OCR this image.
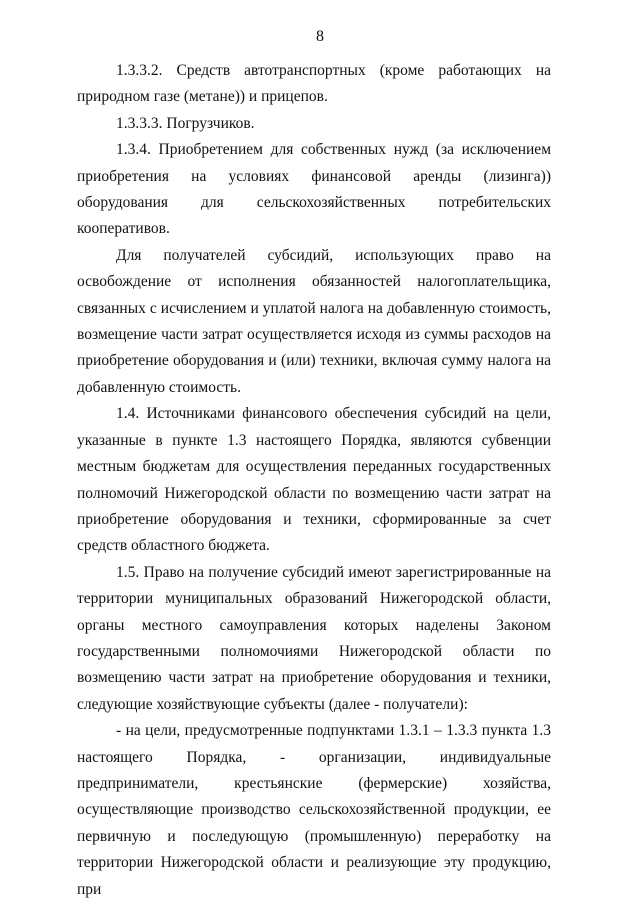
8

1.3.3.2. Средств автотранспортных (кроме работающих на природном газе (метане)) и прицепов.

1.3.3.3. Погрузчиков.

1.3.4. Приобретением для собственных нужд (за исключением приобретения на условиях финансовой аренды (лизинга)) оборудования для сельскохозяйственных потребительских кооперативов.

Для получателей субсидий, использующих право на освобождение от исполнения обязанностей налогоплательщика, связанных с исчислением и уплатой налога на добавленную стоимость, возмещение части затрат осуществляется исходя из суммы расходов на приобретение оборудования и (или) техники, включая сумму налога на добавленную стоимость.

1.4. Источниками финансового обеспечения субсидий на цели, указанные в пункте 1.3 настоящего Порядка, являются субвенции местным бюджетам для осуществления переданных государственных полномочий Нижегородской области по возмещению части затрат на приобретение оборудования и техники, сформированные за счет средств областного бюджета.

1.5. Право на получение субсидий имеют зарегистрированные на территории муниципальных образований Нижегородской области, органы местного самоуправления которых наделены Законом государственными полномочиями Нижегородской области по возмещению части затрат на приобретение оборудования и техники, следующие хозяйствующие субъекты (далее - получатели):

- на цели, предусмотренные подпунктами 1.3.1 – 1.3.3 пункта 1.3 настоящего Порядка, - организации, индивидуальные предприниматели, крестьянские (фермерские) хозяйства, осуществляющие производство сельскохозяйственной продукции, ее первичную и последующую (промышленную) переработку на территории Нижегородской области и реализующие эту продукцию, при
